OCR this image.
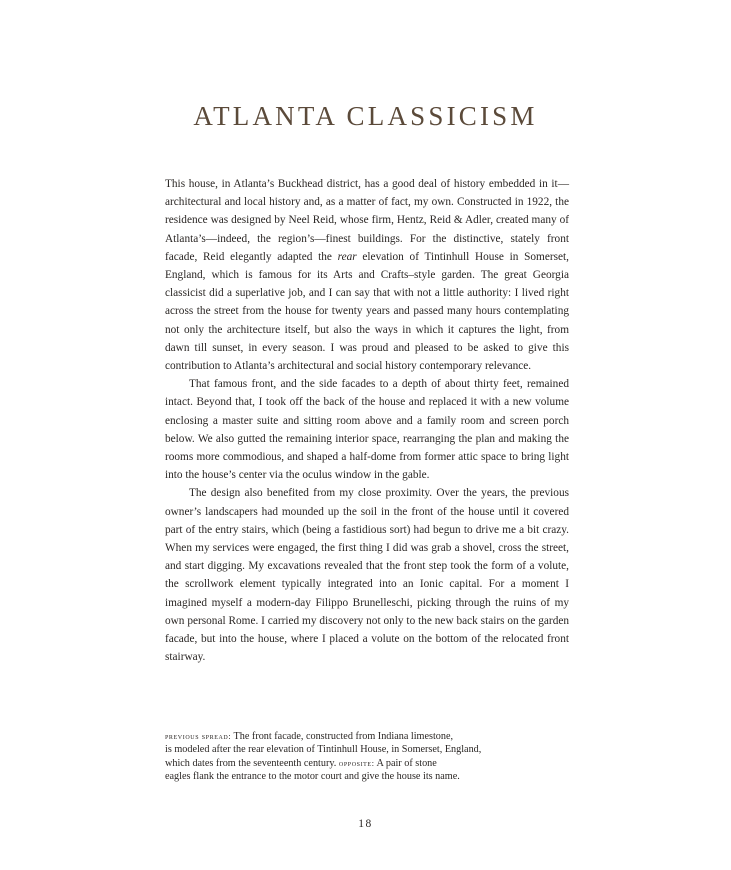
ATLANTA CLASSICISM

This house, in Atlanta’s Buckhead district, has a good deal of history embedded in it—architectural and local history and, as a matter of fact, my own. Constructed in 1922, the residence was designed by Neel Reid, whose firm, Hentz, Reid & Adler, created many of Atlanta’s—indeed, the region’s—finest buildings. For the distinctive, stately front facade, Reid elegantly adapted the rear elevation of Tintinhull House in Somerset, England, which is famous for its Arts and Crafts–style garden. The great Georgia classicist did a superlative job, and I can say that with not a little authority: I lived right across the street from the house for twenty years and passed many hours contemplating not only the architecture itself, but also the ways in which it captures the light, from dawn till sunset, in every season. I was proud and pleased to be asked to give this contribution to Atlanta’s architectural and social history contemporary relevance.

That famous front, and the side facades to a depth of about thirty feet, remained intact. Beyond that, I took off the back of the house and replaced it with a new volume enclosing a master suite and sitting room above and a family room and screen porch below. We also gutted the remaining interior space, rearranging the plan and making the rooms more commodious, and shaped a half-dome from former attic space to bring light into the house’s center via the oculus window in the gable.

The design also benefited from my close proximity. Over the years, the previous owner’s landscapers had mounded up the soil in the front of the house until it covered part of the entry stairs, which (being a fastidious sort) had begun to drive me a bit crazy. When my services were engaged, the first thing I did was grab a shovel, cross the street, and start digging. My excavations revealed that the front step took the form of a volute, the scrollwork element typically integrated into an Ionic capital. For a moment I imagined myself a modern-day Filippo Brunelleschi, picking through the ruins of my own personal Rome. I carried my discovery not only to the new back stairs on the garden facade, but into the house, where I placed a volute on the bottom of the relocated front stairway.

previous spread: The front facade, constructed from Indiana limestone,
is modeled after the rear elevation of Tintinhull House, in Somerset, England,
which dates from the seventeenth century. opposite: A pair of stone
eagles flank the entrance to the motor court and give the house its name.
18
